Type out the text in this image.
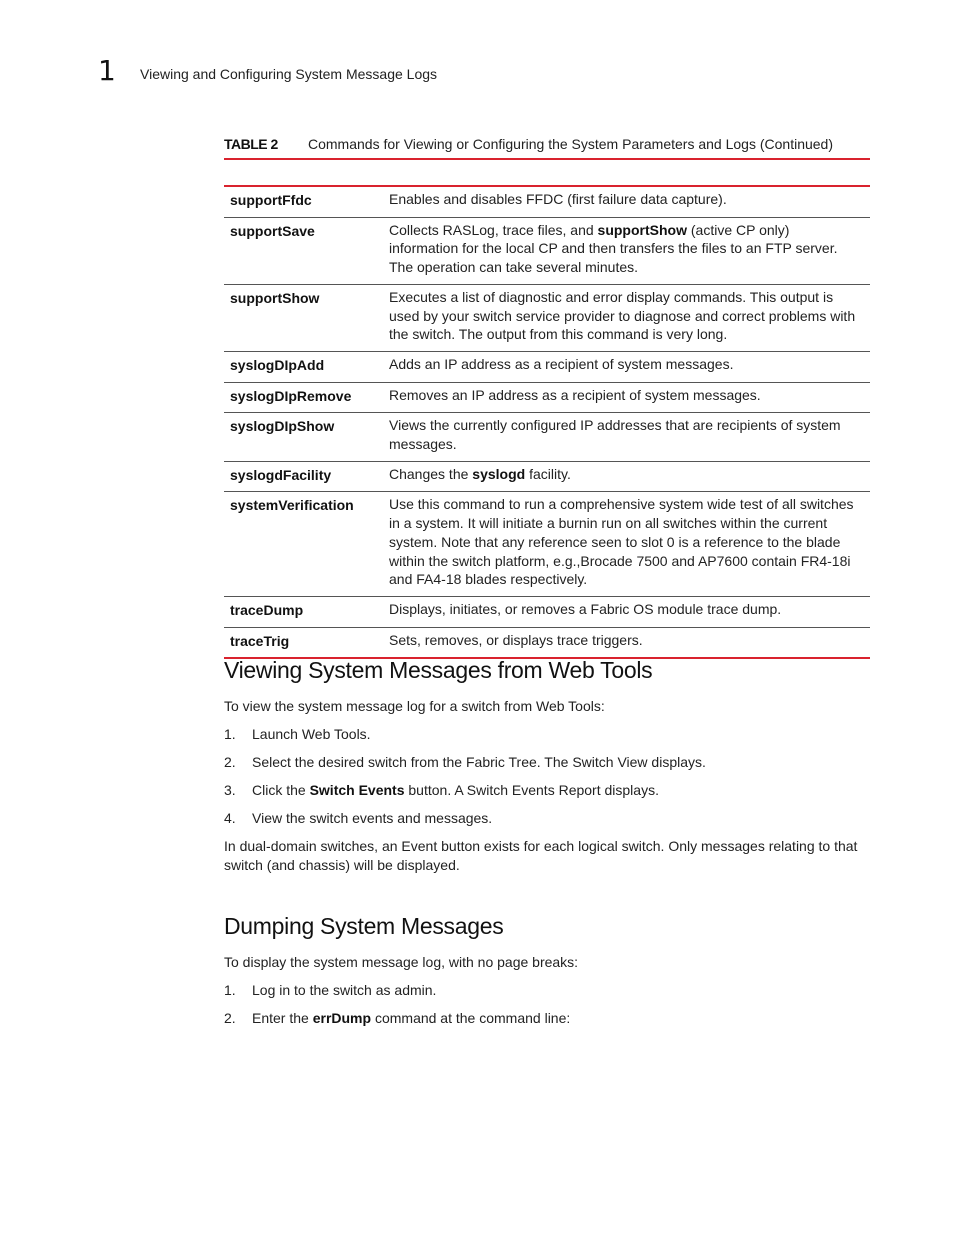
1 Viewing and Configuring System Message Logs
TABLE 2 Commands for Viewing or Configuring the System Parameters and Logs (Continued)
supportFfdc	Enables and disables FFDC (first failure data capture).
supportSave	Collects RASLog, trace files, and supportShow (active CP only) information for the local CP and then transfers the files to an FTP server. The operation can take several minutes.
supportShow	Executes a list of diagnostic and error display commands. This output is used by your switch service provider to diagnose and correct problems with the switch. The output from this command is very long.
syslogDIpAdd	Adds an IP address as a recipient of system messages.
syslogDIpRemove	Removes an IP address as a recipient of system messages.
syslogDIpShow	Views the currently configured IP addresses that are recipients of system messages.
syslogdFacility	Changes the syslogd facility.
systemVerification	Use this command to run a comprehensive system wide test of all switches in a system. It will initiate a burnin run on all switches within the current system. Note that any reference seen to slot 0 is a reference to the blade within the switch platform, e.g.,Brocade 7500 and AP7600 contain FR4-18i and FA4-18 blades respectively.
traceDump	Displays, initiates, or removes a Fabric OS module trace dump.
traceTrig	Sets, removes, or displays trace triggers.
Viewing System Messages from Web Tools
To view the system message log for a switch from Web Tools:
1. Launch Web Tools.
2. Select the desired switch from the Fabric Tree. The Switch View displays.
3. Click the Switch Events button. A Switch Events Report displays.
4. View the switch events and messages.
In dual-domain switches, an Event button exists for each logical switch. Only messages relating to that switch (and chassis) will be displayed.
Dumping System Messages
To display the system message log, with no page breaks:
1. Log in to the switch as admin.
2. Enter the errDump command at the command line:
